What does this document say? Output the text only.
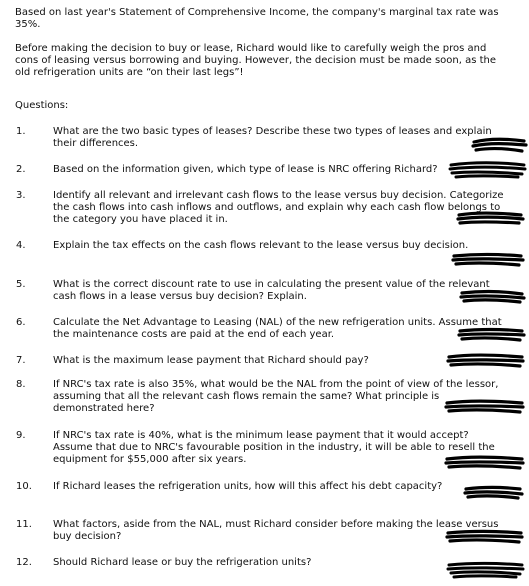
Based on last year's Statement of Comprehensive Income, the company's marginal tax rate was 35%.

Before making the decision to buy or lease, Richard would like to carefully weigh the pros and cons of leasing versus borrowing and buying. However, the decision must be made soon, as the old refrigeration units are “on their last legs”!

Questions:

1.	What are the two basic types of leases? Describe these two types of leases and explain their differences.
2.	Based on the information given, which type of lease is NRC offering Richard?
3.	Identify all relevant and irrelevant cash flows to the lease versus buy decision. Categorize the cash flows into cash inflows and outflows, and explain why each cash flow belongs to the category you have placed it in.
4.	Explain the tax effects on the cash flows relevant to the lease versus buy decision.
5.	What is the correct discount rate to use in calculating the present value of the relevant cash flows in a lease versus buy decision? Explain.
6.	Calculate the Net Advantage to Leasing (NAL) of the new refrigeration units. Assume that the maintenance costs are paid at the end of each year.
7.	What is the maximum lease payment that Richard should pay?
8.	If NRC's tax rate is also 35%, what would be the NAL from the point of view of the lessor, assuming that all the relevant cash flows remain the same? What principle is demonstrated here?
9.	If NRC's tax rate is 40%, what is the minimum lease payment that it would accept? Assume that due to NRC's favourable position in the industry, it will be able to resell the equipment for $55,000 after six years.
10.	If Richard leases the refrigeration units, how will this affect his debt capacity?
11.	What factors, aside from the NAL, must Richard consider before making the lease versus buy decision?
12.	Should Richard lease or buy the refrigeration units?
